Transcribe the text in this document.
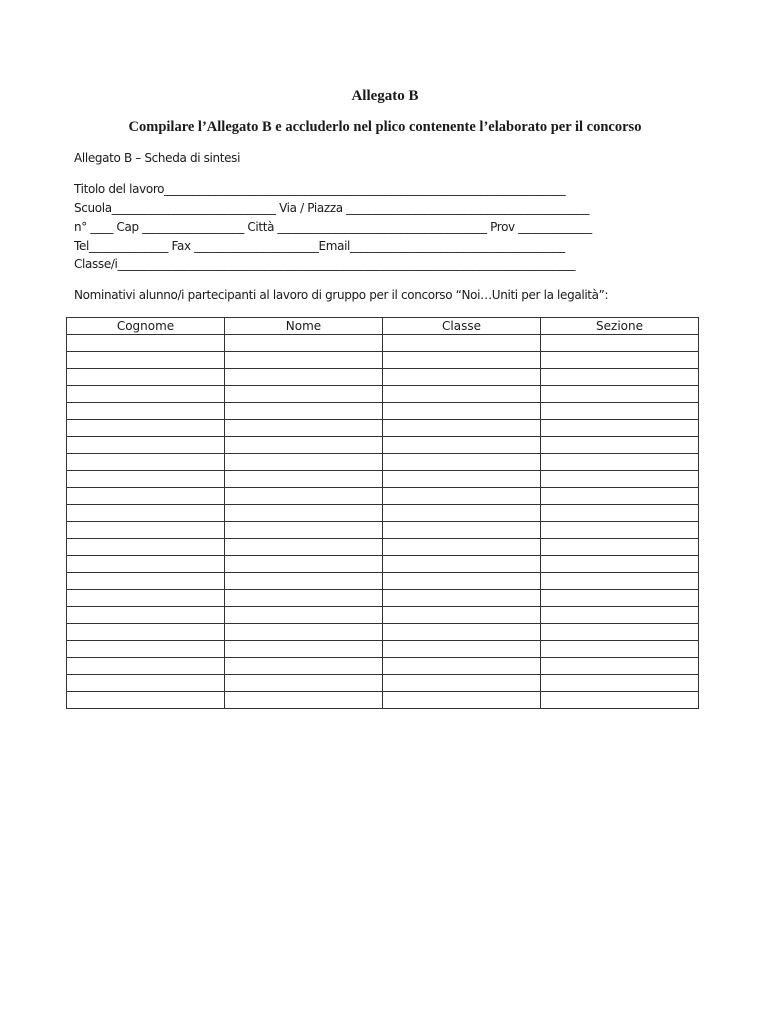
Allegato B
Compilare l’Allegato B e accluderlo nel plico contenente l’elaborato per il concorso
Allegato B – Scheda di sintesi
Titolo del lavoro_______________________________________________________________________
Scuola_____________________________ Via / Piazza ___________________________________________
n° ____ Cap __________________ Città _____________________________________ Prov _____________
Tel______________ Fax ______________________Email______________________________________
Classe/i_________________________________________________________________________________
Nominativi alunno/i partecipanti al lavoro di gruppo per il concorso “Noi…Uniti per la legalità”:
Cognome	Nome	Classe	Sezione
